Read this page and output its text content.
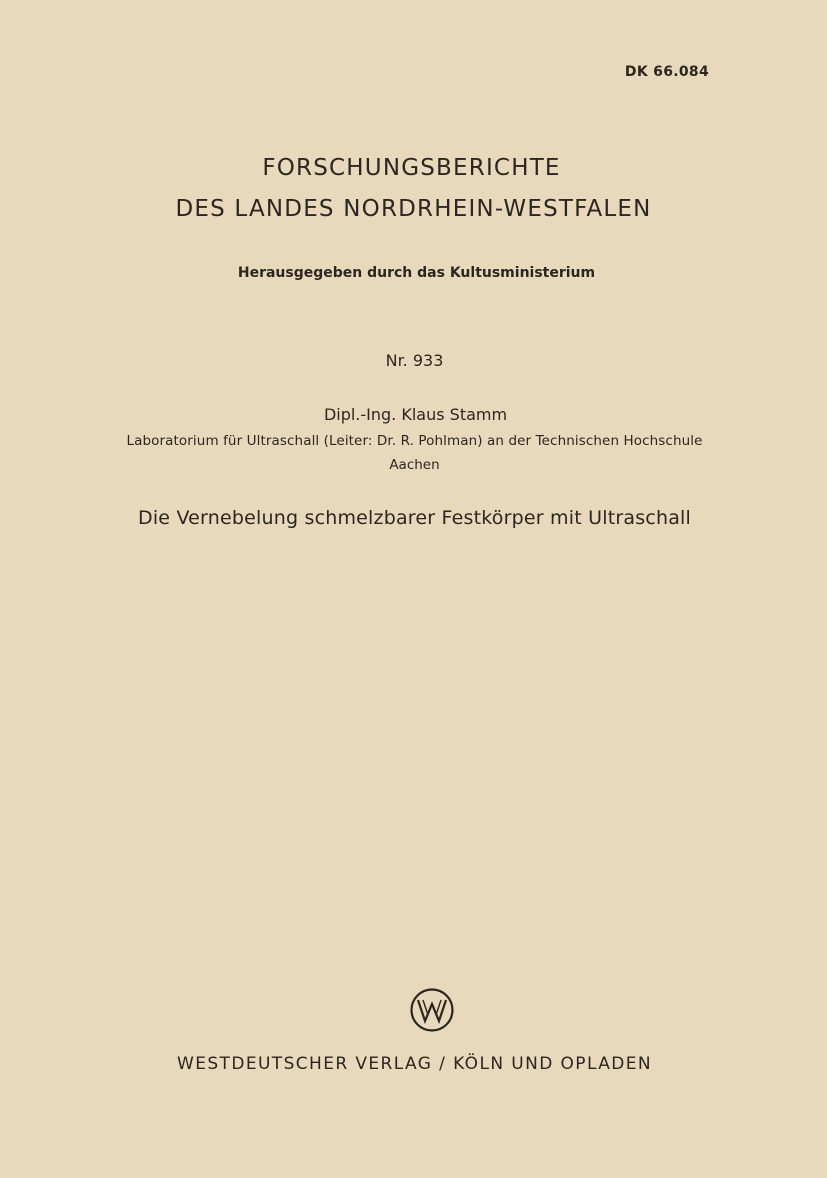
DK 66.084
FORSCHUNGSBERICHTE
DES LANDES NORDRHEIN-WESTFALEN
Herausgegeben durch das Kultusministerium
Nr. 933
Dipl.-Ing. Klaus Stamm
Laboratorium für Ultraschall (Leiter: Dr. R. Pohlman) an der Technischen Hochschule
Aachen
Die Vernebelung schmelzbarer Festkörper mit Ultraschall
WESTDEUTSCHER VERLAG / KÖLN UND OPLADEN
